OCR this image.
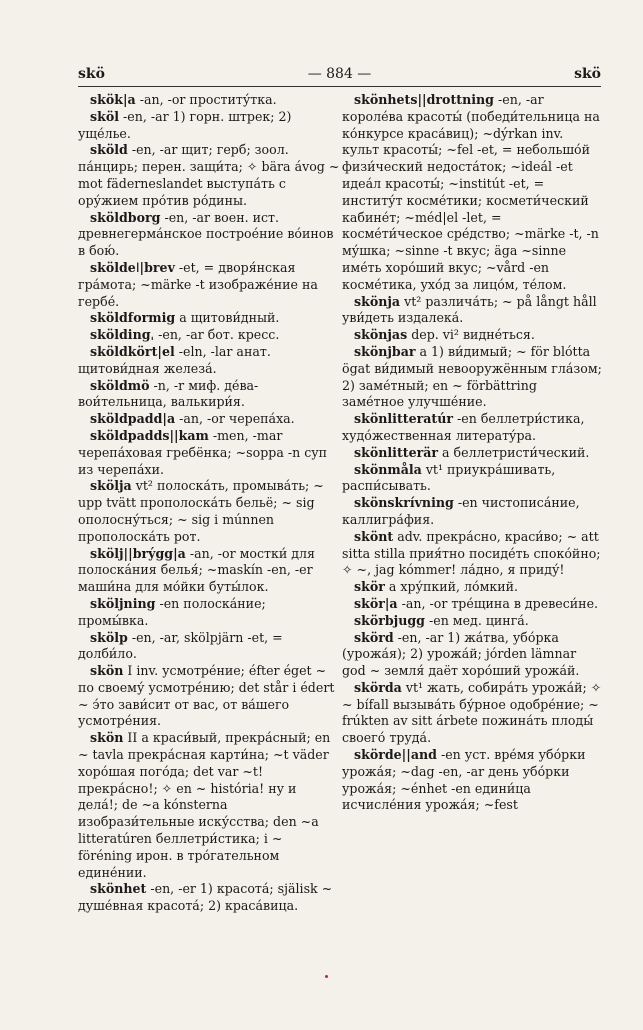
skö	— 884 —	skö

skök|a -an, -or проститу́тка.

sköl -en, -ar 1) горн. штрек; 2) уще́лье.

sköld -en, -ar щит; герб; зоол. па́нцирь; перен. защи́та; ✧ bära ávog ~ mot fäderneslandet выступа́ть с ору́жием про́тив ро́дины.

sköldborg -en, -ar воен. ист. древнегерма́нское построе́ние во́инов в бою́.

sköldeǀ|brev -et, = дворя́нская гра́мота; ~märke -t изображе́ние на гербе́.

sköldformig a щитови́дный.

sköldingˌ -en, -ar бот. кресс.

sköldkört|el -eln, -lar анат. щитови́дная железа́.

sköldmö -n, -r миф. де́ва-вои́тельница, валькири́я.

sköldpadd|a -an, -or черепа́ха.

sköldpadds||kam -men, -mar черепа́ховая гребёнка; ~soppa -n суп из черепа́хи.

skölja vt² полоска́ть, промыва́ть; ~ upp tvätt прополоска́ть бельё; ~ sig ополосну́ться; ~ sig i múnnen прополоска́ть рот.

skölj||brýgg|a -an, -or мостки́ для полоска́ния белья́; ~maskín -en, -er маши́на для мо́йки буты́лок.

sköljning -en полоска́ние; промы́вка.

skölp -en, -ar, skölpjärn -et, = долби́ло.

skön I inv. усмотре́ние; éfter éget ~ по своему́ усмотре́нию; det står i édert ~ э́то зави́сит от вас, от ва́шего усмотре́ния.

skön II a краси́вый, прекра́сный; en ~ tavla прекра́сная карти́на; ~t väder хоро́шая пого́да; det var ~t! прекра́сно!; ✧ en ~ história! ну и дела́!; de ~a kónsterna изобрази́тельные иску́сства; den ~a litteratúren беллетри́стика; i ~ föréning ирон. в тро́гательном едине́нии.

skönhet -en, -er 1) красота́; själisk ~ душе́вная красота́; 2) краса́вица.

skönhets||drottning -en, -ar короле́ва красоты́ (победи́тельница на ко́нкурсе краса́виц); ~dýrkan inv. культ красоты́; ~fel -et, = небольшо́й физи́ческий недоста́ток; ~ideál -et идеа́л красоты́; ~institút -et, = институ́т косме́тики; космети́ческий кабине́т; ~méd|el -let, = косме́ти́ческое сре́дство; ~märke -t, -n му́шка; ~sinne -t вкус; äga ~sinne име́ть хоро́ший вкус; ~vård -en косме́тика, ухо́д за лицо́м, те́лом.

skönja vt² различа́ть; ~ på långt håll уви́деть издалека́.

skönjas dep. vi² видне́ться.

skönjbar a 1) ви́димый; ~ för blótta ögat ви́димый невооружённым гла́зом; 2) заме́тный; en ~ förbättring заме́тное улучше́ние.

skönlitteratúr -en беллетри́стика, худо́жественная литерату́ра.

skönlitterär a беллетристи́ческий.

skönmåla vt¹ приукра́шивать, распи́сывать.

skönskrívning -en чистописа́ние, каллигра́фия.

skönt adv. прекра́сно, краси́во; ~ att sitta stilla прия́тно посиде́ть споко́йно; ✧ ~, jag kómmer! ла́дно, я приду́!

skör a хру́пкий, ло́мкий.

skör|a -an, -or тре́щина в древеси́не.

skörbjugg -en мед. цинга́.

skörd -en, -ar 1) жа́тва, убо́рка (урожа́я); 2) урожа́й; jórden lämnar god ~ земля́ даёт хоро́ший урожа́й.

skörda vt¹ жать, собира́ть урожа́й; ✧ ~ bífall вызыва́ть бу́рное одобре́ние; ~ frúkten av sitt árbete пожина́ть плоды́ своего́ труда́.

skörde||and -en уст. вре́мя убо́рки урожа́я; ~dag -en, -ar день убо́рки урожа́я; ~énhet -en едини́ца исчисле́ния урожа́я; ~fest
